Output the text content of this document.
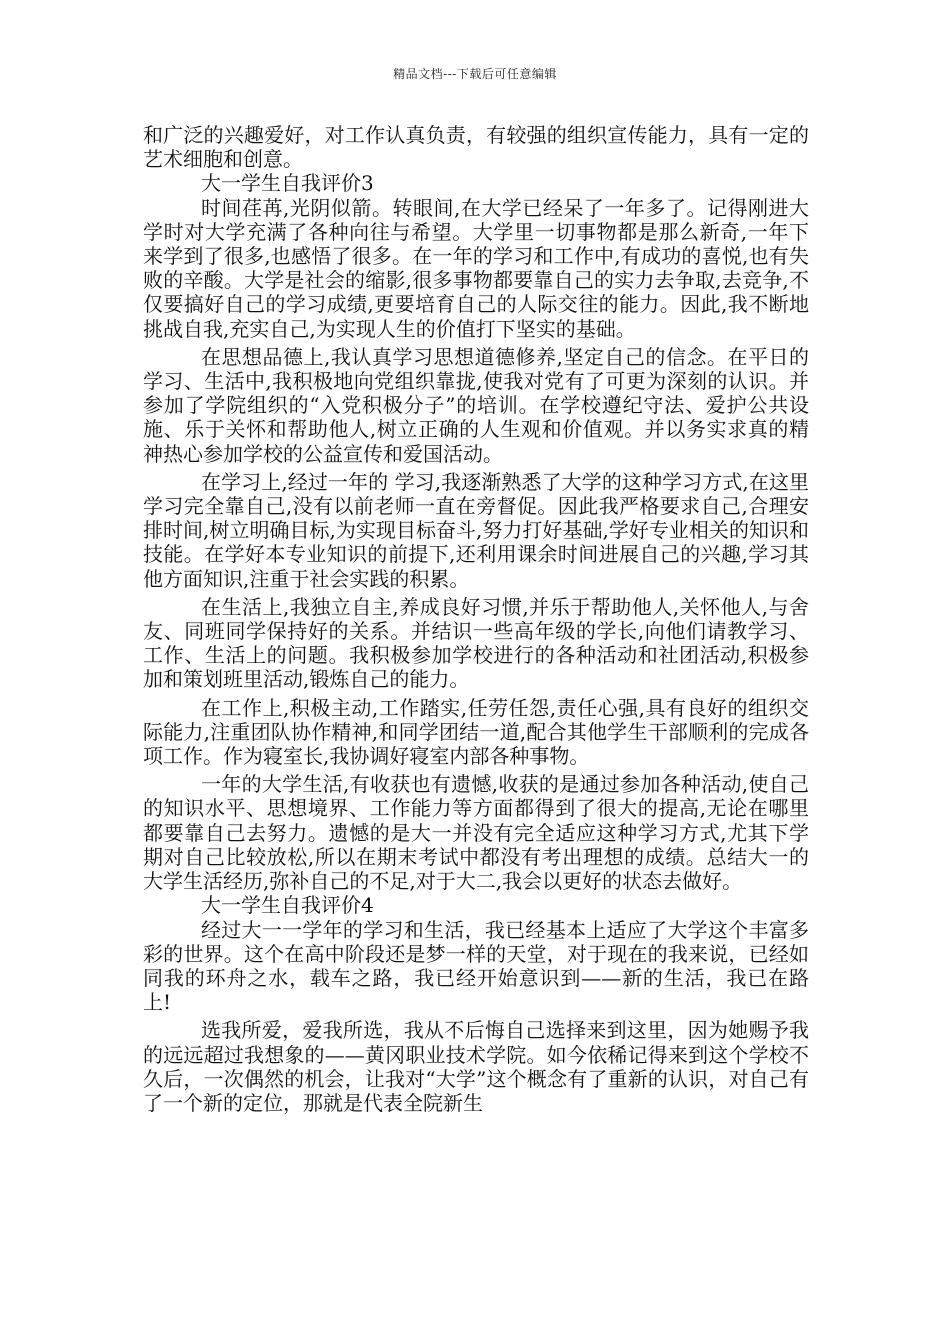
精品文档---下载后可任意编辑

和广泛的兴趣爱好，对工作认真负责，有较强的组织宣传能力，具有一定的艺术细胞和创意。

大一学生自我评价3

时间荏苒,光阴似箭。转眼间,在大学已经呆了一年多了。记得刚进大学时对大学充满了各种向往与希望。大学里一切事物都是那么新奇,一年下来学到了很多,也感悟了很多。在一年的学习和工作中,有成功的喜悦,也有失败的辛酸。大学是社会的缩影,很多事物都要靠自己的实力去争取,去竞争,不仅要搞好自己的学习成绩,更要培育自己的人际交往的能力。因此,我不断地挑战自我,充实自己,为实现人生的价值打下坚实的基础。

在思想品德上,我认真学习思想道德修养,坚定自己的信念。在平日的学习、生活中,我积极地向党组织靠拢,使我对党有了可更为深刻的认识。并参加了学院组织的“入党积极分子”的培训。在学校遵纪守法、爱护公共设施、乐于关怀和帮助他人,树立正确的人生观和价值观。并以务实求真的精神热心参加学校的公益宣传和爱国活动。

在学习上,经过一年的 学习,我逐渐熟悉了大学的这种学习方式,在这里学习完全靠自己,没有以前老师一直在旁督促。因此我严格要求自己,合理安排时间,树立明确目标,为实现目标奋斗,努力打好基础,学好专业相关的知识和技能。在学好本专业知识的前提下,还利用课余时间进展自己的兴趣,学习其他方面知识,注重于社会实践的积累。

在生活上,我独立自主,养成良好习惯,并乐于帮助他人,关怀他人,与舍友、同班同学保持好的关系。并结识一些高年级的学长,向他们请教学习、工作、生活上的问题。我积极参加学校进行的各种活动和社团活动,积极参加和策划班里活动,锻炼自己的能力。

在工作上,积极主动,工作踏实,任劳任怨,责任心强,具有良好的组织交际能力,注重团队协作精神,和同学团结一道,配合其他学生干部顺利的完成各项工作。作为寝室长,我协调好寝室内部各种事物。

一年的大学生活,有收获也有遗憾,收获的是通过参加各种活动,使自己的知识水平、思想境界、工作能力等方面都得到了很大的提高,无论在哪里都要靠自己去努力。遗憾的是大一并没有完全适应这种学习方式,尤其下学期对自己比较放松,所以在期末考试中都没有考出理想的成绩。总结大一的大学生活经历,弥补自己的不足,对于大二,我会以更好的状态去做好。

大一学生自我评价4

经过大一一学年的学习和生活，我已经基本上适应了大学这个丰富多彩的世界。这个在高中阶段还是梦一样的天堂，对于现在的我来说，已经如同我的环舟之水，载车之路，我已经开始意识到——新的生活，我已在路上!

选我所爱，爱我所选，我从不后悔自己选择来到这里，因为她赐予我的远远超过我想象的——黄冈职业技术学院。如今依稀记得来到这个学校不久后，一次偶然的机会，让我对“大学”这个概念有了重新的认识，对自己有了一个新的定位，那就是代表全院新生
